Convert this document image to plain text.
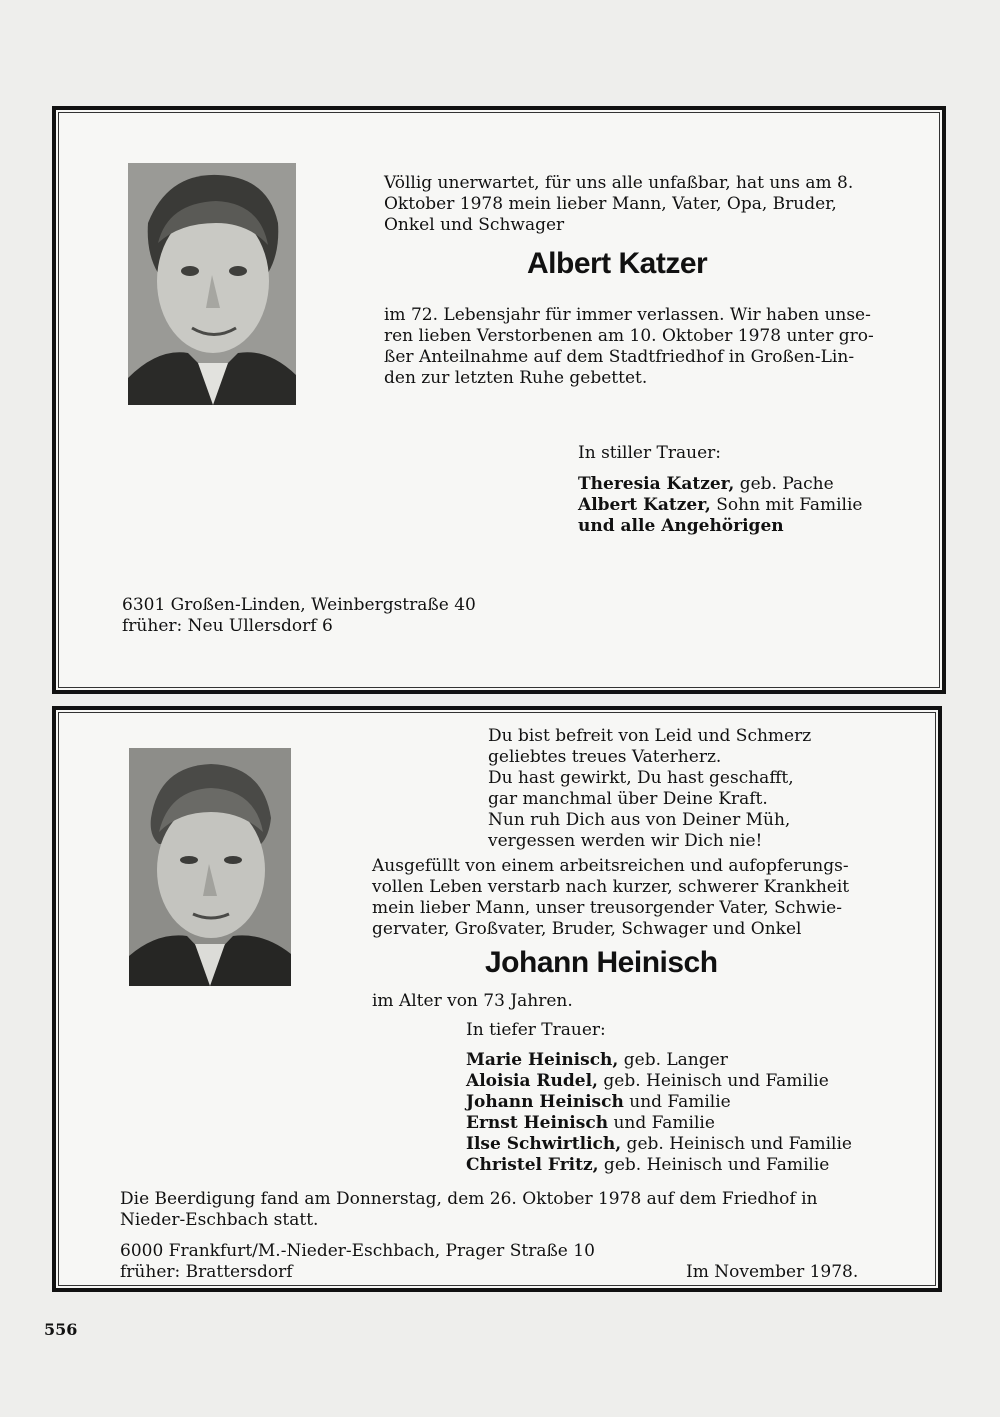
Völlig unerwartet, für uns alle unfaßbar, hat uns am 8.
Oktober 1978 mein lieber Mann, Vater, Opa, Bruder,
Onkel und Schwager
Albert Katzer
im 72. Lebensjahr für immer verlassen. Wir haben unse-
ren lieben Verstorbenen am 10. Oktober 1978 unter gro-
ßer Anteilnahme auf dem Stadtfriedhof in Großen-Lin-
den zur letzten Ruhe gebettet.
In stiller Trauer:
Theresia Katzer, geb. Pache
Albert Katzer, Sohn mit Familie
und alle Angehörigen
6301 Großen-Linden, Weinbergstraße 40
früher: Neu Ullersdorf 6
Du bist befreit von Leid und Schmerz
geliebtes treues Vaterherz.
Du hast gewirkt, Du hast geschafft,
gar manchmal über Deine Kraft.
Nun ruh Dich aus von Deiner Müh,
vergessen werden wir Dich nie!
Ausgefüllt von einem arbeitsreichen und aufopferungs-
vollen Leben verstarb nach kurzer, schwerer Krankheit
mein lieber Mann, unser treusorgender Vater, Schwie-
gervater, Großvater, Bruder, Schwager und Onkel
Johann Heinisch
im Alter von 73 Jahren.
In tiefer Trauer:
Marie Heinisch, geb. Langer
Aloisia Rudel, geb. Heinisch und Familie
Johann Heinisch und Familie
Ernst Heinisch und Familie
Ilse Schwirtlich, geb. Heinisch und Familie
Christel Fritz, geb. Heinisch und Familie
Die Beerdigung fand am Donnerstag, dem 26. Oktober 1978 auf dem Friedhof in
Nieder-Eschbach statt.
6000 Frankfurt/M.-Nieder-Eschbach, Prager Straße 10
früher: Brattersdorf	Im November 1978.
556
